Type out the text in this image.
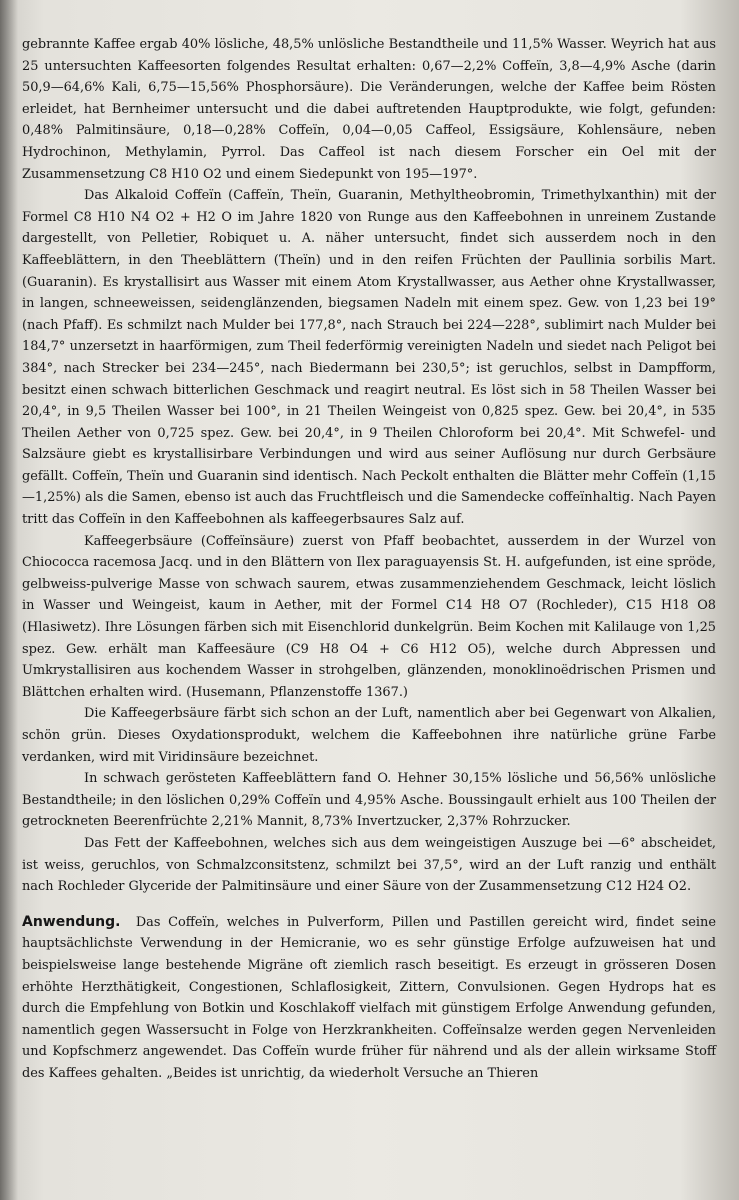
gebrannte Kaffee ergab 40% lösliche, 48,5% unlösliche Bestandtheile und 11,5% Wasser. Weyrich hat aus 25 untersuchten Kaffeesorten folgendes Resultat erhalten: 0,67—2,2% Coffeïn, 3,8—4,9% Asche (darin 50,9—64,6% Kali, 6,75—15,56% Phosphorsäure). Die Veränderungen, welche der Kaffee beim Rösten erleidet, hat Bernheimer untersucht und die dabei auftretenden Hauptprodukte, wie folgt, gefunden: 0,48% Palmitinsäure, 0,18—0,28% Coffeïn, 0,04—0,05 Caffeol, Essigsäure, Kohlensäure, neben Hydrochinon, Methylamin, Pyrrol. Das Caffeol ist nach diesem Forscher ein Oel mit der Zusammensetzung C8 H10 O2 und einem Siedepunkt von 195—197°.

Das Alkaloid Coffeïn (Caffeïn, Theïn, Guaranin, Methyltheobromin, Trimethylxanthin) mit der Formel C8 H10 N4 O2 + H2 O im Jahre 1820 von Runge aus den Kaffeebohnen in unreinem Zustande dargestellt, von Pelletier, Robiquet u. A. näher untersucht, findet sich ausserdem noch in den Kaffeeblättern, in den Theeblättern (Theïn) und in den reifen Früchten der Paullinia sorbilis Mart. (Guaranin). Es krystallisirt aus Wasser mit einem Atom Krystallwasser, aus Aether ohne Krystallwasser, in langen, schneeweissen, seidenglänzenden, biegsamen Nadeln mit einem spez. Gew. von 1,23 bei 19° (nach Pfaff). Es schmilzt nach Mulder bei 177,8°, nach Strauch bei 224—228°, sublimirt nach Mulder bei 184,7° unzersetzt in haarförmigen, zum Theil federförmig vereinigten Nadeln und siedet nach Peligot bei 384°, nach Strecker bei 234—245°, nach Biedermann bei 230,5°; ist geruchlos, selbst in Dampfform, besitzt einen schwach bitterlichen Geschmack und reagirt neutral. Es löst sich in 58 Theilen Wasser bei 20,4°, in 9,5 Theilen Wasser bei 100°, in 21 Theilen Weingeist von 0,825 spez. Gew. bei 20,4°, in 535 Theilen Aether von 0,725 spez. Gew. bei 20,4°, in 9 Theilen Chloroform bei 20,4°. Mit Schwefel- und Salzsäure giebt es krystallisirbare Verbindungen und wird aus seiner Auflösung nur durch Gerbsäure gefällt. Coffeïn, Theïn und Guaranin sind identisch. Nach Peckolt enthalten die Blätter mehr Coffeïn (1,15—1,25%) als die Samen, ebenso ist auch das Fruchtfleisch und die Samendecke coffeïnhaltig. Nach Payen tritt das Coffeïn in den Kaffeebohnen als kaffeegerbsaures Salz auf.

Kaffeegerbsäure (Coffeïnsäure) zuerst von Pfaff beobachtet, ausserdem in der Wurzel von Chiococca racemosa Jacq. und in den Blättern von Ilex paraguayensis St. H. aufgefunden, ist eine spröde, gelbweiss-pulverige Masse von schwach saurem, etwas zusammenziehendem Geschmack, leicht löslich in Wasser und Weingeist, kaum in Aether, mit der Formel C14 H8 O7 (Rochleder), C15 H18 O8 (Hlasiwetz). Ihre Lösungen färben sich mit Eisenchlorid dunkelgrün. Beim Kochen mit Kalilauge von 1,25 spez. Gew. erhält man Kaffeesäure (C9 H8 O4 + C6 H12 O5), welche durch Abpressen und Umkrystallisiren aus kochendem Wasser in strohgelben, glänzenden, monoklinoëdrischen Prismen und Blättchen erhalten wird. (Husemann, Pflanzenstoffe 1367.)

Die Kaffeegerbsäure färbt sich schon an der Luft, namentlich aber bei Gegenwart von Alkalien, schön grün. Dieses Oxydationsprodukt, welchem die Kaffeebohnen ihre natürliche grüne Farbe verdanken, wird mit Viridinsäure bezeichnet.

In schwach gerösteten Kaffeeblättern fand O. Hehner 30,15% lösliche und 56,56% unlösliche Bestandtheile; in den löslichen 0,29% Coffeïn und 4,95% Asche. Boussingault erhielt aus 100 Theilen der getrockneten Beerenfrüchte 2,21% Mannit, 8,73% Invertzucker, 2,37% Rohrzucker.

Das Fett der Kaffeebohnen, welches sich aus dem weingeistigen Auszuge bei —6° abscheidet, ist weiss, geruchlos, von Schmalzconsitstenz, schmilzt bei 37,5°, wird an der Luft ranzig und enthält nach Rochleder Glyceride der Palmitinsäure und einer Säure von der Zusammensetzung C12 H24 O2.

Anwendung. Das Coffeïn, welches in Pulverform, Pillen und Pastillen gereicht wird, findet seine hauptsächlichste Verwendung in der Hemicranie, wo es sehr günstige Erfolge aufzuweisen hat und beispielsweise lange bestehende Migräne oft ziemlich rasch beseitigt. Es erzeugt in grösseren Dosen erhöhte Herzthätigkeit, Congestionen, Schlaflosigkeit, Zittern, Convulsionen. Gegen Hydrops hat es durch die Empfehlung von Botkin und Koschlakoff vielfach mit günstigem Erfolge Anwendung gefunden, namentlich gegen Wassersucht in Folge von Herzkrankheiten. Coffeïnsalze werden gegen Nervenleiden und Kopfschmerz angewendet. Das Coffeïn wurde früher für nährend und als der allein wirksame Stoff des Kaffees gehalten. „Beides ist unrichtig, da wiederholt Versuche an Thieren
